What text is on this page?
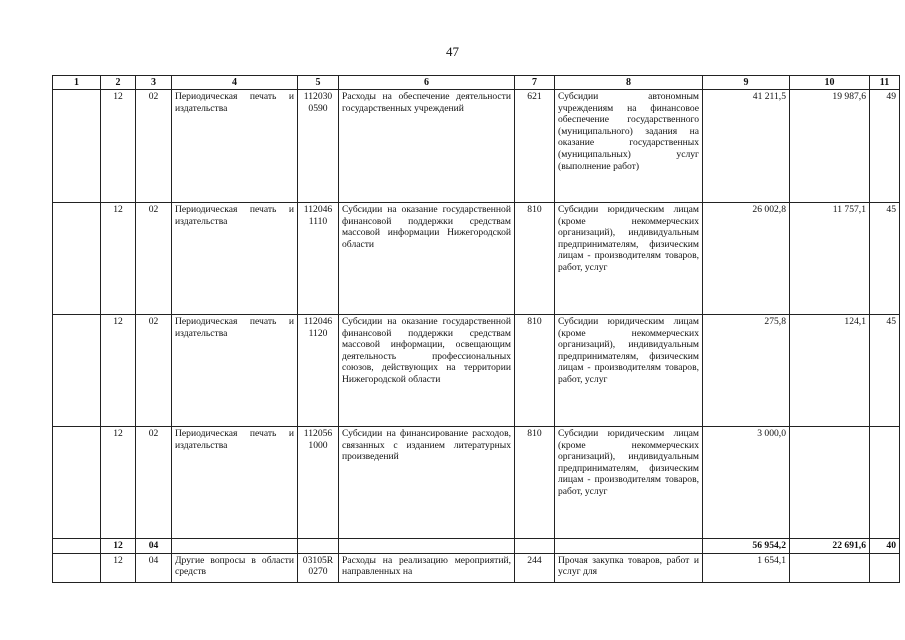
47
1	2	3	4	5	6	7	8	9	10	11
	12	02	Периодическая печать и издательства	112030 0590	Расходы на обеспечение деятельности государственных учреждений	621	Субсидии автономным учреждениям на финансовое обеспечение государственного (муниципального) задания на оказание государственных (муниципальных) услуг (выполнение работ)	41 211,5	19 987,6	49
	12	02	Периодическая печать и издательства	112046 1110	Субсидии на оказание государственной финансовой поддержки средствам массовой информации Нижегородской области	810	Субсидии юридическим лицам (кроме некоммерческих организаций), индивидуальным предпринимателям, физическим лицам - производителям товаров, работ, услуг	26 002,8	11 757,1	45
	12	02	Периодическая печать и издательства	112046 1120	Субсидии на оказание государственной финансовой поддержки средствам массовой информации, освещающим деятельность профессиональных союзов, действующих на территории Нижегородской области	810	Субсидии юридическим лицам (кроме некоммерческих организаций), индивидуальным предпринимателям, физическим лицам - производителям товаров, работ, услуг	275,8	124,1	45
	12	02	Периодическая печать и издательства	112056 1000	Субсидии на финансирование расходов, связанных с изданием литературных произведений	810	Субсидии юридическим лицам (кроме некоммерческих организаций), индивидуальным предпринимателям, физическим лицам - производителям товаров, работ, услуг	3 000,0		
	12	04						56 954,2	22 691,6	40
	12	04	Другие вопросы в области средств	03105R 0270	Расходы на реализацию мероприятий, направленных на	244	Прочая закупка товаров, работ и услуг для	1 654,1		
